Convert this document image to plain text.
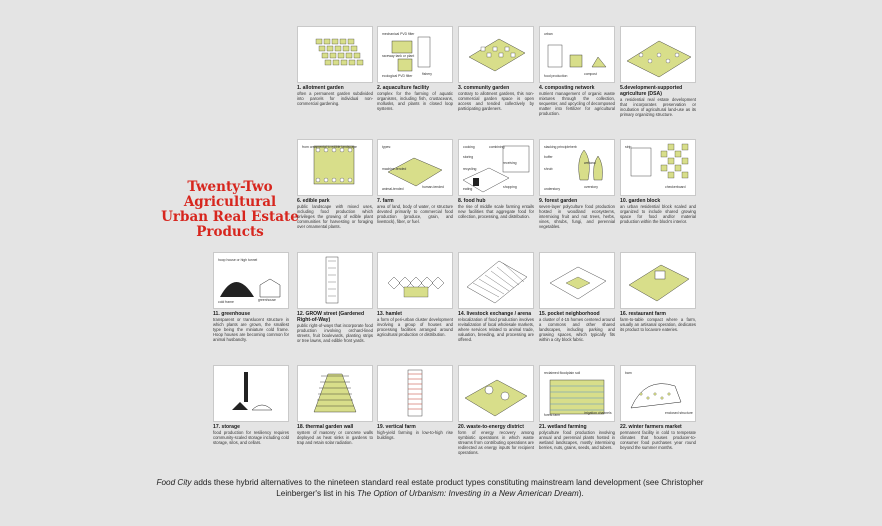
Twenty-Two
Agricultural
Urban Real Estate
Products
1. allotment garden
often a permanent garden subdivided into parcels for individual non-commercial gardening.
mechanical PVD filter
fishery
ecological PVD filter
raceway tank or plant
2. aquaculture facility
complex for the farming of aquatic organisms, including fish, crustaceans, mollusks, and plants in closed loop systems.
3. community garden
contrary to allotment gardens, this non-commercial garden space is open access and tended collectively by participating gardeners.
urban
compost
food production
4. composting network
nutrient management of organic waste mixtures through the collection, sequester, and upcycling of decomposed matter into fertilizer for agricultural production.
5.development-supported agriculture (DSA)
a residential real estate development that incorporates preservation or incubation of agricultural land-use as its primary organizing structure.
from ornamental to edible landscape
6. edible park
public landscape with mixed uses, including food production which privileges the growing of edible plant communities for harvesting or foraging over ornamental plants.
types:
human-tended
animal-tended
machine-tended
7. farm
area of land, body of water, or structure devoted primarily to commercial food production (produce, grain, and livestock), fiber, or fuel.
cooking
shopping
eating
recycling
combining
storing
receiving
8. food hub
the rise of middle scale farming entails new facilities that aggregate food for collection, processing, and distribution.
stacking principle
overstory
understory
shrub
herb
buffer
wetland
9. forest garden
seven-layer polyculture food production hosted in woodland ecosystems, intermixing fruit and nut trees, herbs, vines, shrubs, fungi, and perennial vegetables.
strip
checkerboard
10. garden block
an urban residential block scaled and organized to include shared growing space for food and/or material production within the block's interior.
hoop house or high tunnel
greenhouse
cold frame
11. greenhouse
transparent or translucent structure in which plants are grown, the smallest type being the miniature cold frame. Hoop houses are becoming common for animal husbandry.
12. GROW street (Gardened Right-of-Way)
public right-of-ways that incorporate food production involving orchard-lined streets, fruit boulevards, planting strips or tree lawns, and edible front yards.
13. hamlet
a form of peri-urban cluster development involving a group of houses and processing facilities arranged around agricultural production or distribution.
14. livestock exchange / arena
relocalization of food production involves revitalization of local wholesale markets, where services related to animal trade, valuation, breeding, and processing are offered.
15. pocket neighborhood
a cluster of 4-15 homes centered around a commons and other shared landscapes, including parking and growing spaces, which typically fits within a city block fabric.
16. restaurant farm
farm-to-table compact where a farm, usually an artisanal operation, dedicates its product to locavore eateries.
17. storage
food production for resiliency requires community-scaled storage including cold storage, silos, and cellars.
18. thermal garden wall
system of masonry or concrete walls deployed as heat sinks in gardens to trap and retain solar radiation.
19. vertical farm
high-yield farming in low-to-high rise buildings.
20. waste-to-energy district
form of energy recovery among symbiotic operations in which waste streams from contributing operations are redirected as energy inputs for recipient operations.
reclaimed floodplain soil
irrigation channels
forest farm
21. wetland farming
polyculture food production involving annual and perennial plants hosted in wetland landscapes, mostly intermixing berries, nuts, grains, seeds, and tubers.
barn
enclosed structure
22. winter farmers market
permanent facility in cold to temperate climates that houses producer-to-consumer food purchases year round beyond the summer months.
Food City adds these hybrid alternatives to the nineteen standard real estate product types constituting mainstream land development (see Christopher Leinberger's list in his The Option of Urbanism: Investing in a New American Dream).
